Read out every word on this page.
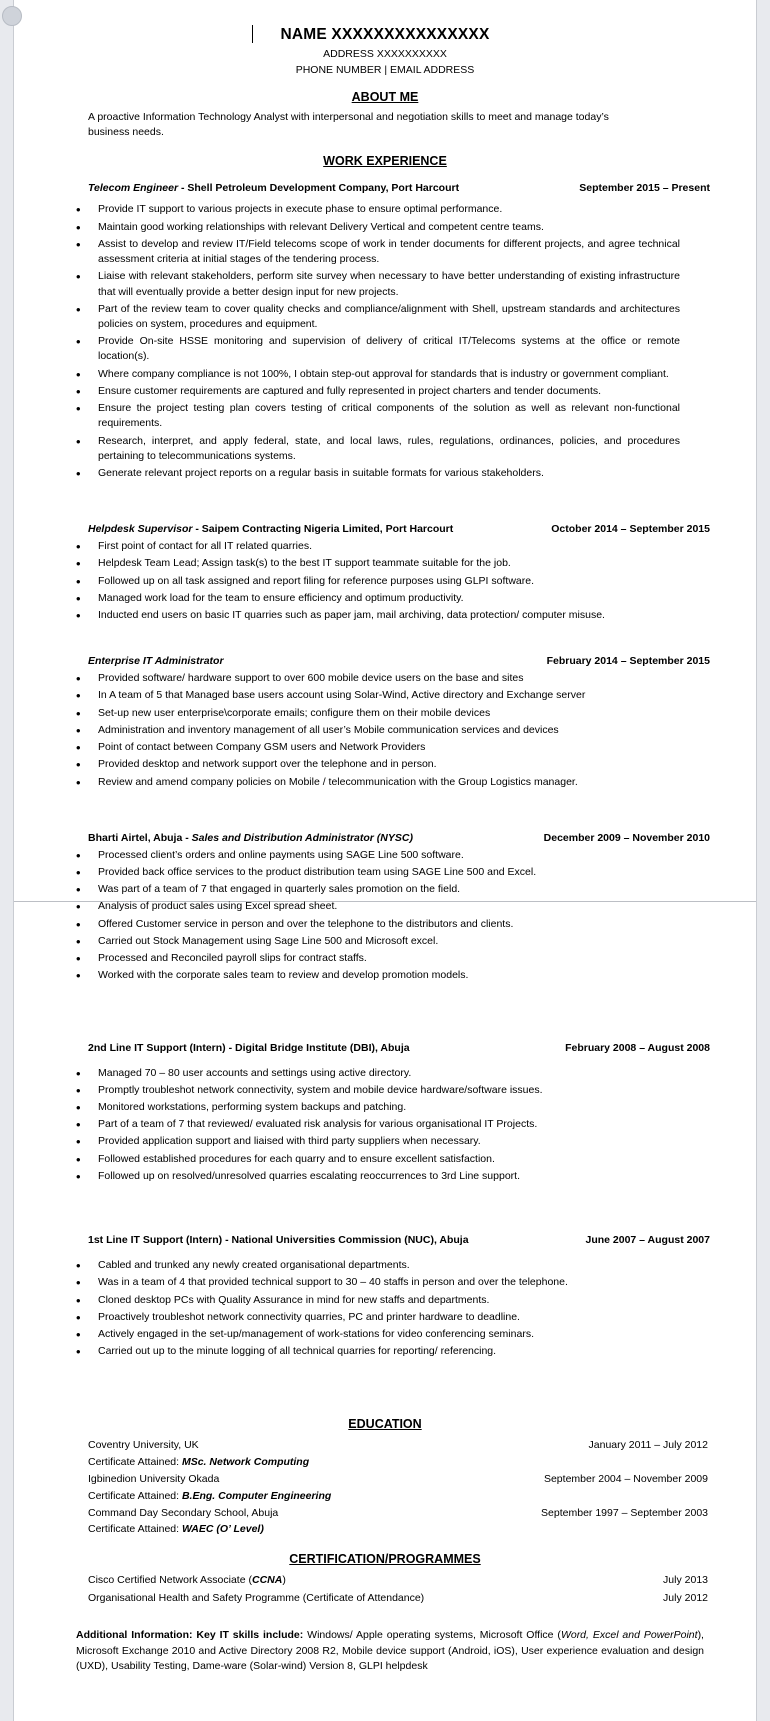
NAME XXXXXXXXXXXXXXX
ADDRESS XXXXXXXXXX
PHONE NUMBER | EMAIL ADDRESS
ABOUT ME

A proactive Information Technology Analyst with interpersonal and negotiation skills to meet and manage today’s business needs.

WORK EXPERIENCE
Telecom Engineer - Shell Petroleum Development Company, Port Harcourt	September 2015 – Present
• Provide IT support to various projects in execute phase to ensure optimal performance.
• Maintain good working relationships with relevant Delivery Vertical and competent centre teams.
• Assist to develop and review IT/Field telecoms scope of work in tender documents for different projects, and agree technical assessment criteria at initial stages of the tendering process.
• Liaise with relevant stakeholders, perform site survey when necessary to have better understanding of existing infrastructure that will eventually provide a better design input for new projects.
• Part of the review team to cover quality checks and compliance/alignment with Shell, upstream standards and architectures policies on system, procedures and equipment.
• Provide On-site HSSE monitoring and supervision of delivery of critical IT/Telecoms systems at the office or remote location(s).
• Where company compliance is not 100%, I obtain step-out approval for standards that is industry or government compliant.
• Ensure customer requirements are captured and fully represented in project charters and tender documents.
• Ensure the project testing plan covers testing of critical components of the solution as well as relevant non-functional requirements.
• Research, interpret, and apply federal, state, and local laws, rules, regulations, ordinances, policies, and procedures pertaining to telecommunications systems.
• Generate relevant project reports on a regular basis in suitable formats for various stakeholders.
Helpdesk Supervisor - Saipem Contracting Nigeria Limited, Port Harcourt	October 2014 – September 2015
• First point of contact for all IT related quarries.
• Helpdesk Team Lead; Assign task(s) to the best IT support teammate suitable for the job.
• Followed up on all task assigned and report filing for reference purposes using GLPI software.
• Managed work load for the team to ensure efficiency and optimum productivity.
• Inducted end users on basic IT quarries such as paper jam, mail archiving, data protection/ computer misuse.
Enterprise IT Administrator	February 2014 – September 2015
• Provided software/ hardware support to over 600 mobile device users on the base and sites
• In A team of 5 that Managed base users account using Solar-Wind, Active directory and Exchange server
• Set-up new user enterprise\corporate emails; configure them on their mobile devices
• Administration and inventory management of all user’s Mobile communication services and devices
• Point of contact between Company GSM users and Network Providers
• Provided desktop and network support over the telephone and in person.
• Review and amend company policies on Mobile / telecommunication with the Group Logistics manager.
Bharti Airtel, Abuja - Sales and Distribution Administrator (NYSC)	December 2009 – November 2010
• Processed client’s orders and online payments using SAGE Line 500 software.
• Provided back office services to the product distribution team using SAGE Line 500 and Excel.
• Was part of a team of 7 that engaged in quarterly sales promotion on the field.
• Analysis of product sales using Excel spread sheet.
• Offered Customer service in person and over the telephone to the distributors and clients.
• Carried out Stock Management using Sage Line 500 and Microsoft excel.
• Processed and Reconciled payroll slips for contract staffs.
• Worked with the corporate sales team to review and develop promotion models.
2nd Line IT Support (Intern) - Digital Bridge Institute (DBI), Abuja	February 2008 – August 2008
• Managed 70 – 80 user accounts and settings using active directory.
• Promptly troubleshot network connectivity, system and mobile device hardware/software issues.
• Monitored workstations, performing system backups and patching.
• Part of a team of 7 that reviewed/ evaluated risk analysis for various organisational IT Projects.
• Provided application support and liaised with third party suppliers when necessary.
• Followed established procedures for each quarry and to ensure excellent satisfaction.
• Followed up on resolved/unresolved quarries escalating reoccurrences to 3rd Line support.
1st Line IT Support (Intern) - National Universities Commission (NUC), Abuja	June 2007 – August 2007
• Cabled and trunked any newly created organisational departments.
• Was in a team of 4 that provided technical support to 30 – 40 staffs in person and over the telephone.
• Cloned desktop PCs with Quality Assurance in mind for new staffs and departments.
• Proactively troubleshot network connectivity quarries, PC and printer hardware to deadline.
• Actively engaged in the set-up/management of work-stations for video conferencing seminars.
• Carried out up to the minute logging of all technical quarries for reporting/ referencing.
EDUCATION
Coventry University, UK	January 2011 – July 2012
Certificate Attained: MSc. Network Computing
Igbinedion University Okada	September 2004 – November 2009
Certificate Attained: B.Eng. Computer Engineering
Command Day Secondary School, Abuja	September 1997 – September 2003
Certificate Attained: WAEC (O’ Level)
CERTIFICATION/PROGRAMMES
Cisco Certified Network Associate (CCNA)	July 2013
Organisational Health and Safety Programme (Certificate of Attendance)	July 2012
Additional Information: Key IT skills include: Windows/ Apple operating systems, Microsoft Office (Word, Excel and PowerPoint), Microsoft Exchange 2010 and Active Directory 2008 R2, Mobile device support (Android, iOS), User experience evaluation and design (UXD), Usability Testing, Dame-ware (Solar-wind) Version 8, GLPI helpdesk
